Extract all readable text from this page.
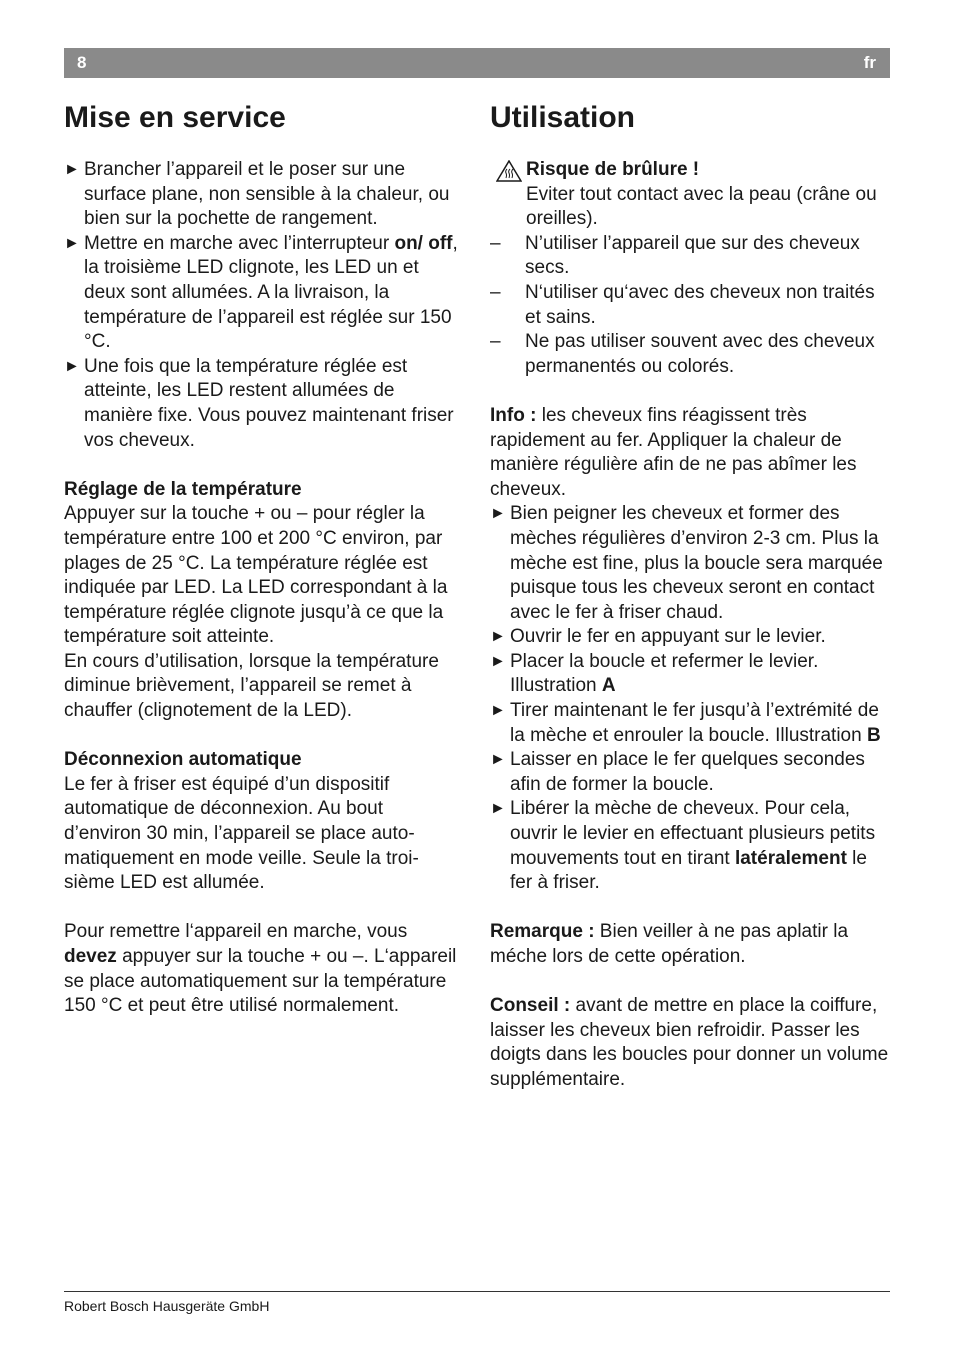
8	fr
Mise en service
► Brancher l’appareil et le poser sur une surface plane, non sensible à la chaleur, ou bien sur la pochette de rangement.
► Mettre en marche avec l’interrupteur on/ off, la troisième LED clignote, les LED un et deux sont allumées. A la livraison, la température de l’appareil est réglée sur 150 °C.
► Une fois que la température réglée est atteinte, les LED restent allumées de manière fixe. Vous pouvez maintenant friser vos cheveux.

Réglage de la température

Appuyer sur la touche + ou – pour régler la température entre 100 et 200 °C environ, par plages de 25 °C. La température réglée est indiquée par LED. La LED correspondant à la température réglée clignote jusqu’à ce que la température soit atteinte.

En cours d’utilisation, lorsque la température diminue brièvement, l’appareil se remet à chauffer (clignotement de la LED).

Déconnexion automatique

Le fer à friser est équipé d’un dispositif automatique de déconnexion. Au bout d’environ 30 min, l’appareil se place auto- matiquement en mode veille. Seule la troi- sième LED est allumée.

Pour remettre l‘appareil en marche, vous devez appuyer sur la touche + ou –. L‘appareil se place automatiquement sur la température 150 °C et peut être utilisé normalement.

Utilisation
Risque de brûlure !
Eviter tout contact avec la peau (crâne ou oreilles).
– N’utiliser l’appareil que sur des cheveux secs.
– N‘utiliser qu‘avec des cheveux non traités et sains.
– Ne pas utiliser souvent avec des cheveux permanentés ou colorés.

Info : les cheveux fins réagissent très rapidement au fer. Appliquer la chaleur de manière régulière afin de ne pas abîmer les cheveux.

► Bien peigner les cheveux et former des mèches régulières d’environ 2-3 cm. Plus la mèche est fine, plus la boucle sera marquée puisque tous les cheveux seront en contact avec le fer à friser chaud.
► Ouvrir le fer en appuyant sur le levier.
► Placer la boucle et refermer le levier. Illustration A
► Tirer maintenant le fer jusqu’à l’extrémité de la mèche et enrouler la boucle. Illustration B
► Laisser en place le fer quelques secondes afin de former la boucle.
► Libérer la mèche de cheveux. Pour cela, ouvrir le levier en effectuant plusieurs petits mouvements tout en tirant latéralement le fer à friser.

Remarque : Bien veiller à ne pas aplatir la méche lors de cette opération.

Conseil : avant de mettre en place la coiffure, laisser les cheveux bien refroidir. Passer les doigts dans les boucles pour donner un volume supplémentaire.

Robert Bosch Hausgeräte GmbH
